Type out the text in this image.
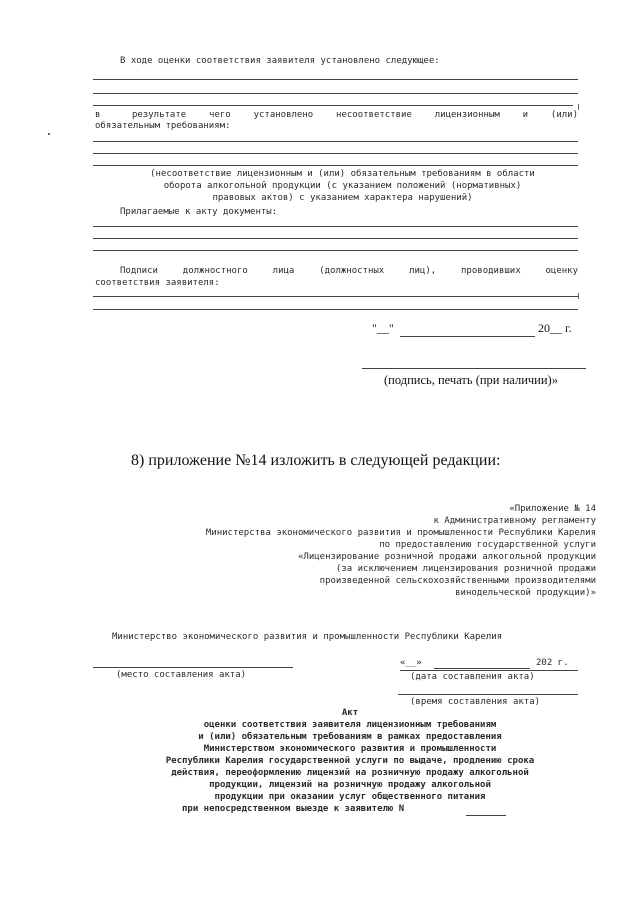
В ходе оценки соответствия заявителя установлено следующее:
в	результате чего установлено несоответствие лицензионным и (или)
обязательным требованиям:
(несоответствие лицензионным и (или) обязательным требованиям в области
оборота алкогольной продукции (с указанием положений (нормативных)
правовых актов) с указанием характера нарушений)
Прилагаемые к акту документы:
Подписи должностного лица (должностных лиц), проводивших оценку
соответствия заявителя:
"__"	20__ г.
(подпись, печать (при наличии)»
8) приложение №14 изложить в следующей редакции:
«Приложение № 14
к Административному регламенту
Министерства экономического развития и промышленности Республики Карелия
по предоставлению государственной услуги
«Лицензирование розничной продажи алкогольной продукции
(за исключением лицензирования розничной продажи
произведенной сельскохозяйственными производителями
винодельческой продукции)»
Министерство экономического развития и промышленности Республики Карелия
(место составления акта)
«__»	202 г.
(дата составления акта)
(время составления акта)
Акт
оценки соответствия заявителя лицензионным требованиям
и (или) обязательным требованиям в рамках предоставления
Министерством экономического развития и промышленности
Республики Карелия государственной услуги по выдаче, продлению срока
действия, переоформлению лицензий на розничную продажу алкогольной
продукции, лицензий на розничную продажу алкогольной
продукции при оказании услуг общественного питания
при непосредственном выезде к заявителю N
